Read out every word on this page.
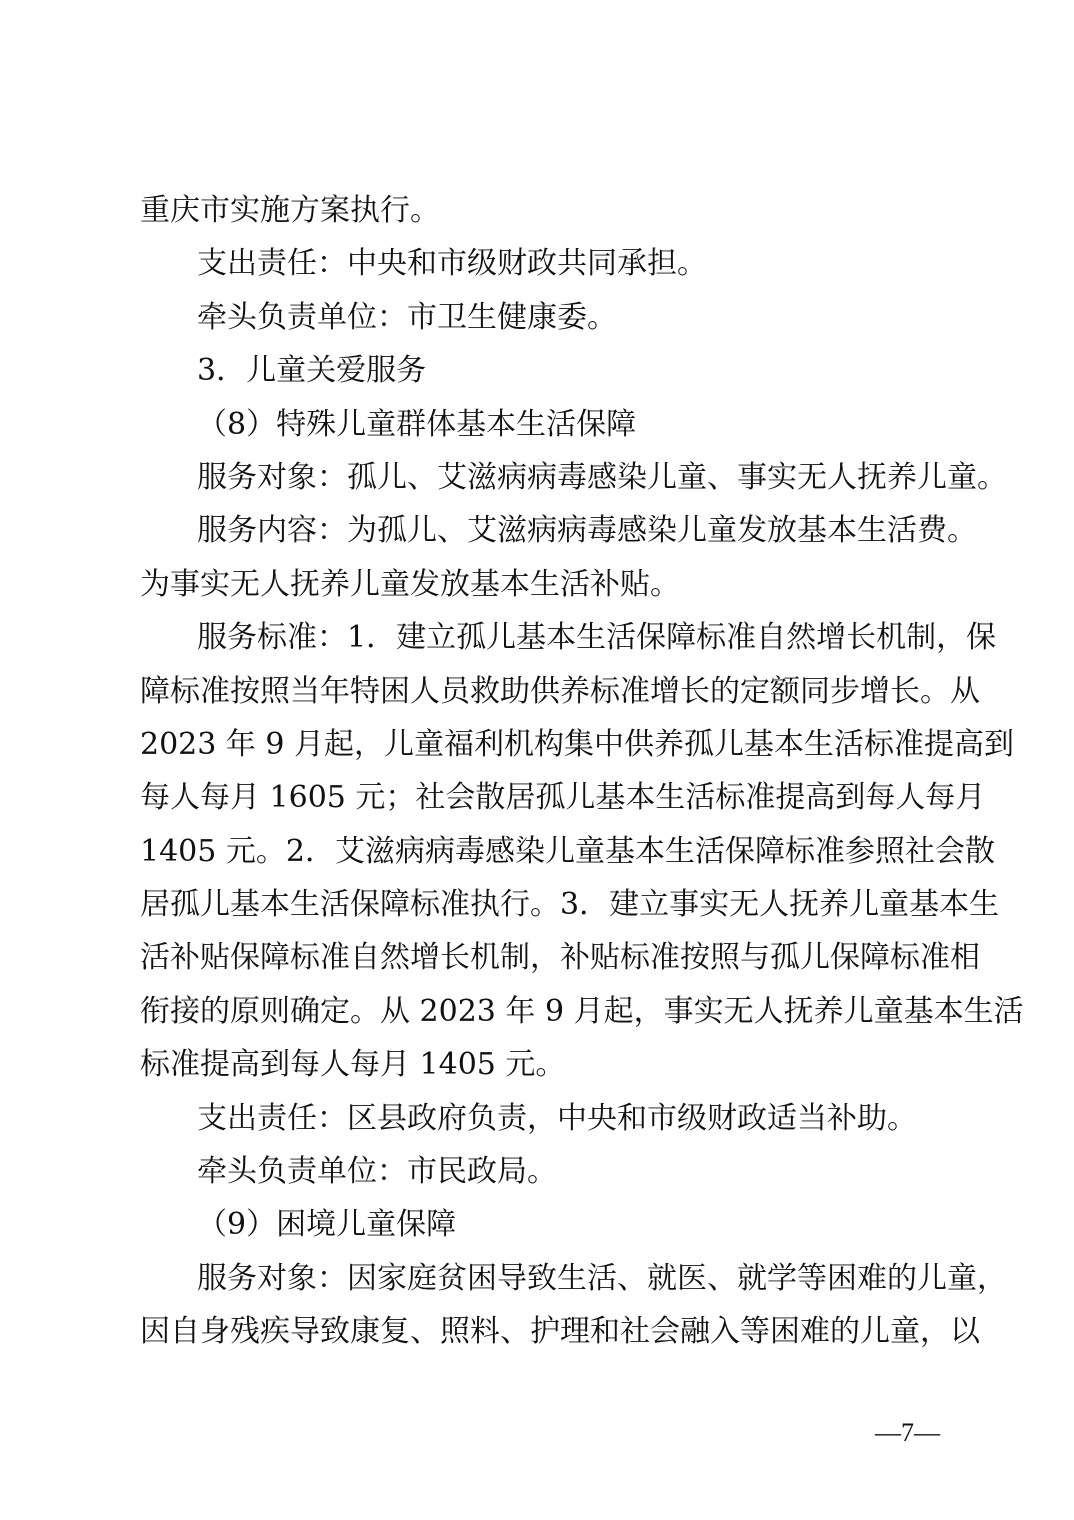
重庆市实施方案执行。

支出责任：中央和市级财政共同承担。

牵头负责单位：市卫生健康委。

3．儿童关爱服务

（8）特殊儿童群体基本生活保障

服务对象：孤儿、艾滋病病毒感染儿童、事实无人抚养儿童。

服务内容：为孤儿、艾滋病病毒感染儿童发放基本生活费。

为事实无人抚养儿童发放基本生活补贴。

服务标准：1．建立孤儿基本生活保障标准自然增长机制，保

障标准按照当年特困人员救助供养标准增长的定额同步增长。从

2023 年 9 月起，儿童福利机构集中供养孤儿基本生活标准提高到

每人每月 1605 元；社会散居孤儿基本生活标准提高到每人每月

1405 元。2．艾滋病病毒感染儿童基本生活保障标准参照社会散

居孤儿基本生活保障标准执行。3．建立事实无人抚养儿童基本生

活补贴保障标准自然增长机制，补贴标准按照与孤儿保障标准相

衔接的原则确定。从 2023 年 9 月起，事实无人抚养儿童基本生活

标准提高到每人每月 1405 元。

支出责任：区县政府负责，中央和市级财政适当补助。

牵头负责单位：市民政局。

（9）困境儿童保障

服务对象：因家庭贫困导致生活、就医、就学等困难的儿童，

因自身残疾导致康复、照料、护理和社会融入等困难的儿童，以

—7—
